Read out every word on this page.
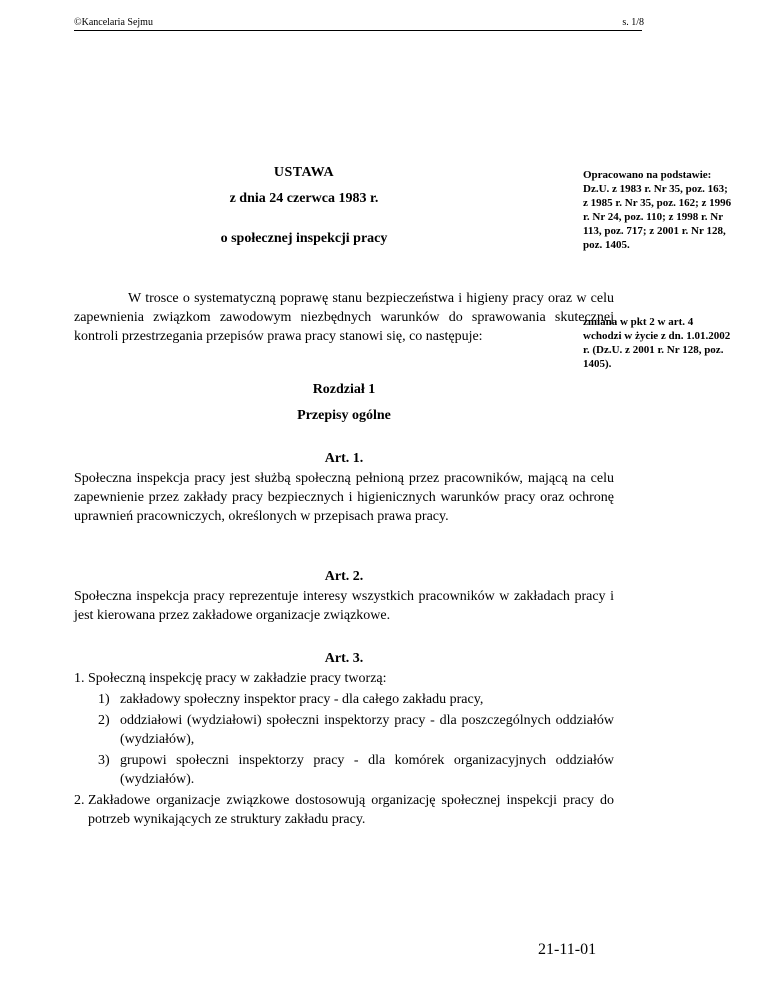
©Kancelaria Sejmu	s. 1/8
USTAWA
z dnia 24 czerwca 1983 r.
o społecznej inspekcji pracy
Opracowano na podstawie: Dz.U. z 1983 r. Nr 35, poz. 163; z 1985 r. Nr 35, poz. 162; z 1996 r. Nr 24, poz. 110; z 1998 r. Nr 113, poz. 717; z 2001 r. Nr 128, poz. 1405.
zmiana w pkt 2 w art. 4 wchodzi w życie z dn. 1.01.2002 r. (Dz.U. z 2001 r. Nr 128, poz. 1405).

W trosce o systematyczną poprawę stanu bezpieczeństwa i higieny pracy oraz w celu zapewnienia związkom zawodowym niezbędnych warunków do sprawowania skutecznej kontroli przestrzegania przepisów prawa pracy stanowi się, co następuje:

Rozdział 1
Przepisy ogólne
Art. 1.

Społeczna inspekcja pracy jest służbą społeczną pełnioną przez pracowników, mającą na celu zapewnienie przez zakłady pracy bezpiecznych i higienicznych warunków pracy oraz ochronę uprawnień pracowniczych, określonych w przepisach prawa pracy.

Art. 2.

Społeczna inspekcja pracy reprezentuje interesy wszystkich pracowników w zakładach pracy i jest kierowana przez zakładowe organizacje związkowe.

Art. 3.
1. Społeczną inspekcję pracy w zakładzie pracy tworzą:
1) zakładowy społeczny inspektor pracy - dla całego zakładu pracy,
2) oddziałowi (wydziałowi) społeczni inspektorzy pracy - dla poszczególnych oddziałów (wydziałów),
3) grupowi społeczni inspektorzy pracy - dla komórek organizacyjnych oddziałów (wydziałów).
2. Zakładowe organizacje związkowe dostosowują organizację społecznej inspekcji pracy do potrzeb wynikających ze struktury zakładu pracy.
21-11-01
